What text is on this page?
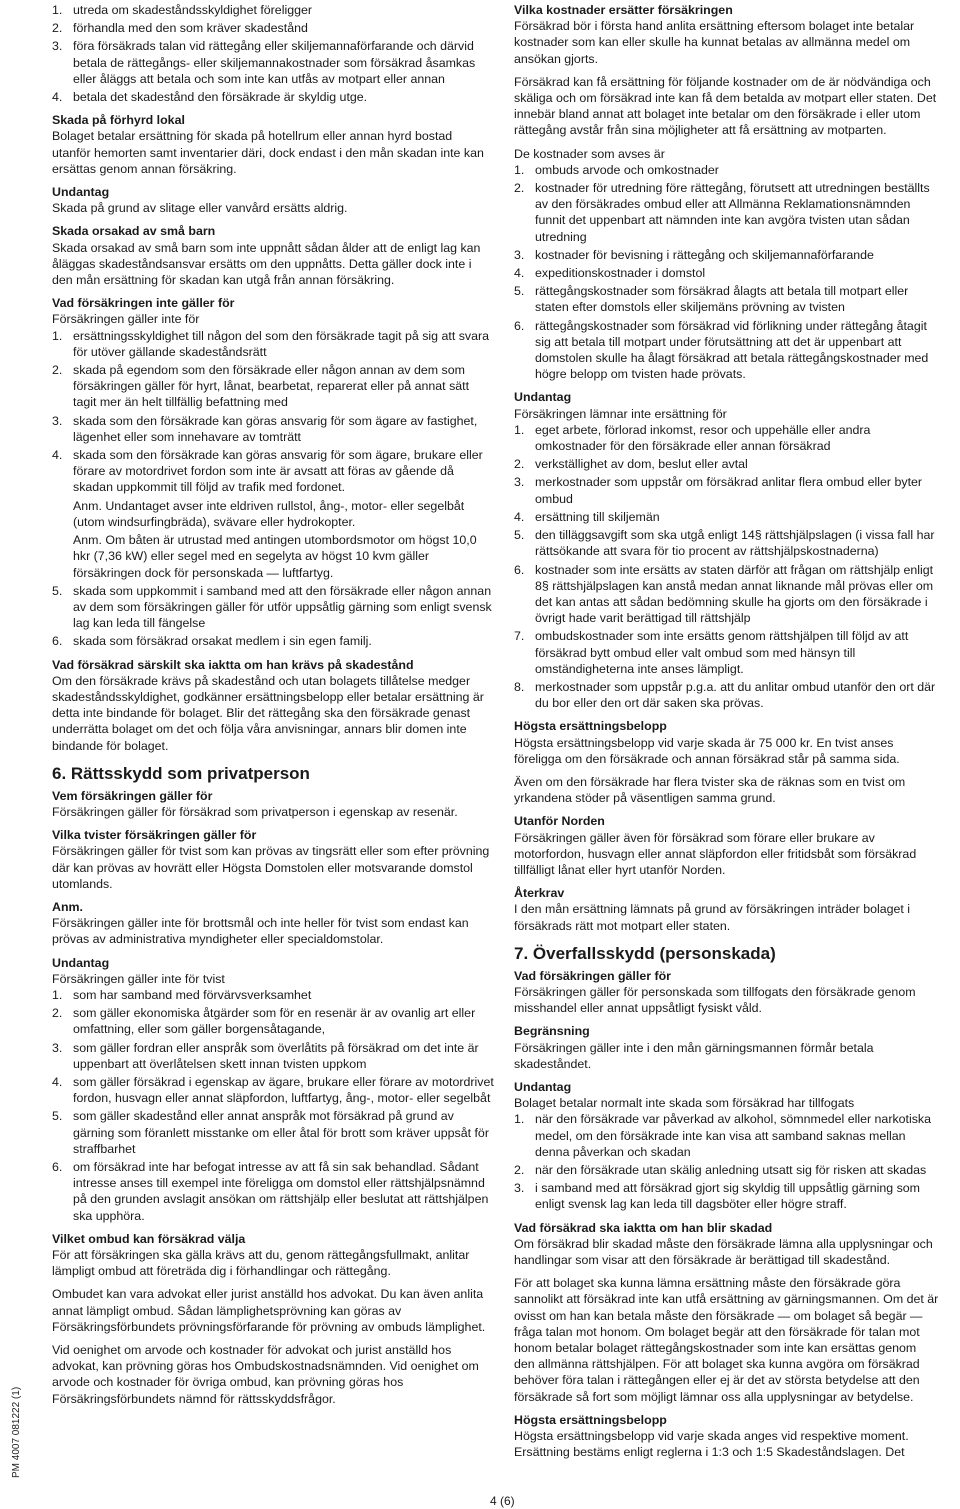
1. utreda om skadeståndsskyldighet föreligger
2. förhandla med den som kräver skadestånd
3. föra försäkrads talan vid rättegång eller skiljemannaförfarande och därvid betala de rättegångs- eller skiljemannakostnader som försäkrad åsamkas eller åläggs att betala och som inte kan utfås av motpart eller annan
4. betala det skadestånd den försäkrade är skyldig utge.
Skada på förhyrd lokal

Bolaget betalar ersättning för skada på hotellrum eller annan hyrd bostad utanför hemorten samt inventarier däri, dock endast i den mån skadan inte kan ersättas genom annan försäkring.

Undantag

Skada på grund av slitage eller vanvård ersätts aldrig.

Skada orsakad av små barn

Skada orsakad av små barn som inte uppnått sådan ålder att de enligt lag kan åläggas skadeståndsansvar ersätts om den uppnåtts. Detta gäller dock inte i den mån ersättning för skadan kan utgå från annan försäkring.

Vad försäkringen inte gäller för
Försäkringen gäller inte för
1. ersättningsskyldighet till någon del som den försäkrade tagit på sig att svara för utöver gällande skadeståndsrätt
2. skada på egendom som den försäkrade eller någon annan av dem som försäkringen gäller för hyrt, lånat, bearbetat, reparerat eller på annat sätt tagit mer än helt tillfällig befattning med
3. skada som den försäkrade kan göras ansvarig för som ägare av fastighet, lägenhet eller som innehavare av tomträtt
4. skada som den försäkrade kan göras ansvarig för som ägare, brukare eller förare av motordrivet fordon som inte är avsatt att föras av gående då skadan uppkommit till följd av trafik med fordonet.
Anm. Undantaget avser inte eldriven rullstol, ång-, motor- eller segelbåt (utom windsurfingbräda), svävare eller hydrokopter.
Anm. Om båten är utrustad med antingen utombordsmotor om högst 10,0 hkr (7,36 kW) eller segel med en segelyta av högst 10 kvm gäller försäkringen dock för personskada — luftfartyg.
5. skada som uppkommit i samband med att den försäkrade eller någon annan av dem som försäkringen gäller för utför uppsåtlig gärning som enligt svensk lag kan leda till fängelse
6. skada som försäkrad orsakat medlem i sin egen familj.
Vad försäkrad särskilt ska iaktta om han krävs på skadestånd

Om den försäkrade krävs på skadestånd och utan bolagets tillåtelse medger skadeståndsskyldighet, godkänner ersättningsbelopp eller betalar ersättning är detta inte bindande för bolaget. Blir det rättegång ska den försäkrade genast underrätta bolaget om det och följa våra anvisningar, annars blir domen inte bindande för bolaget.

6. Rättsskydd som privatperson
Vem försäkringen gäller för

Försäkringen gäller för försäkrad som privatperson i egenskap av resenär.

Vilka tvister försäkringen gäller för

Försäkringen gäller för tvist som kan prövas av tingsrätt eller som efter prövning där kan prövas av hovrätt eller Högsta Domstolen eller motsvarande domstol utomlands.

Anm.

Försäkringen gäller inte för brottsmål och inte heller för tvist som endast kan prövas av administrativa myndigheter eller specialdomstolar.

Undantag
Försäkringen gäller inte för tvist
1. som har samband med förvärvsverksamhet
2. som gäller ekonomiska åtgärder som för en resenär är av ovanlig art eller omfattning, eller som gäller borgensåtagande,
3. som gäller fordran eller anspråk som överlåtits på försäkrad om det inte är uppenbart att överlåtelsen skett innan tvisten uppkom
4. som gäller försäkrad i egenskap av ägare, brukare eller förare av motordrivet fordon, husvagn eller annat släpfordon, luftfartyg, ång-, motor- eller segelbåt
5. som gäller skadestånd eller annat anspråk mot försäkrad på grund av gärning som föranlett misstanke om eller åtal för brott som kräver uppsåt för straffbarhet
6. om försäkrad inte har befogat intresse av att få sin sak behandlad. Sådant intresse anses till exempel inte föreligga om domstol eller rättshjälpsnämnd på den grunden avslagit ansökan om rättshjälp eller beslutat att rättshjälpen ska upphöra.
Vilket ombud kan försäkrad välja

För att försäkringen ska gälla krävs att du, genom rättegångsfullmakt, anlitar lämpligt ombud att företräda dig i förhandlingar och rättegång.

Ombudet kan vara advokat eller jurist anställd hos advokat. Du kan även anlita annat lämpligt ombud. Sådan lämplighetsprövning kan göras av Försäkringsförbundets prövningsförfarande för prövning av ombuds lämplighet.

Vid oenighet om arvode och kostnader för advokat och jurist anställd hos advokat, kan prövning göras hos Ombudskostnadsnämnden. Vid oenighet om arvode och kostnader för övriga ombud, kan prövning göras hos Försäkringsförbundets nämnd för rättsskyddsfrågor.

Vilka kostnader ersätter försäkringen

Försäkrad bör i första hand anlita ersättning eftersom bolaget inte betalar kostnader som kan eller skulle ha kunnat betalas av allmänna medel om ansökan gjorts.

Försäkrad kan få ersättning för följande kostnader om de är nödvändiga och skäliga och om försäkrad inte kan få dem betalda av motpart eller staten. Det innebär bland annat att bolaget inte betalar om den försäkrade i eller utom rättegång avstår från sina möjligheter att få ersättning av motparten.

De kostnader som avses är
1. ombuds arvode och omkostnader
2. kostnader för utredning före rättegång, förutsett att utredningen beställts av den försäkrades ombud eller att Allmänna Reklamationsnämnden funnit det uppenbart att nämnden inte kan avgöra tvisten utan sådan utredning
3. kostnader för bevisning i rättegång och skiljemannaförfarande
4. expeditionskostnader i domstol
5. rättegångskostnader som försäkrad ålagts att betala till motpart eller staten efter domstols eller skiljemäns prövning av tvisten
6. rättegångskostnader som försäkrad vid förlikning under rättegång åtagit sig att betala till motpart under förutsättning att det är uppenbart att domstolen skulle ha ålagt försäkrad att betala rättegångskostnader med högre belopp om tvisten hade prövats.
Undantag
Försäkringen lämnar inte ersättning för
1. eget arbete, förlorad inkomst, resor och uppehälle eller andra omkostnader för den försäkrade eller annan försäkrad
2. verkställighet av dom, beslut eller avtal
3. merkostnader som uppstår om försäkrad anlitar flera ombud eller byter ombud
4. ersättning till skiljemän
5. den tilläggsavgift som ska utgå enligt 14§ rättshjälpslagen (i vissa fall har rättsökande att svara för tio procent av rättshjälpskostnaderna)
6. kostnader som inte ersätts av staten därför att frågan om rättshjälp enligt 8§ rättshjälpslagen kan anstå medan annat liknande mål prövas eller om det kan antas att sådan bedömning skulle ha gjorts om den försäkrade i övrigt hade varit berättigad till rättshjälp
7. ombudskostnader som inte ersätts genom rättshjälpen till följd av att försäkrad bytt ombud eller valt ombud som med hänsyn till omständigheterna inte anses lämpligt.
8. merkostnader som uppstår p.g.a. att du anlitar ombud utanför den ort där du bor eller den ort där saken ska prövas.
Högsta ersättningsbelopp

Högsta ersättningsbelopp vid varje skada är 75 000 kr. En tvist anses föreligga om den försäkrade och annan försäkrad står på samma sida.

Även om den försäkrade har flera tvister ska de räknas som en tvist om yrkandena stöder på väsentligen samma grund.

Utanför Norden

Försäkringen gäller även för försäkrad som förare eller brukare av motorfordon, husvagn eller annat släpfordon eller fritidsbåt som försäkrad tillfälligt lånat eller hyrt utanför Norden.

Återkrav

I den mån ersättning lämnats på grund av försäkringen inträder bolaget i försäkrads rätt mot motpart eller staten.

7. Överfallsskydd (personskada)
Vad försäkringen gäller för

Försäkringen gäller för personskada som tillfogats den försäkrade genom misshandel eller annat uppsåtligt fysiskt våld.

Begränsning

Försäkringen gäller inte i den mån gärningsmannen förmår betala skadeståndet.

Undantag
Bolaget betalar normalt inte skada som försäkrad har tillfogats
1. när den försäkrade var påverkad av alkohol, sömnmedel eller narkotiska medel, om den försäkrade inte kan visa att samband saknas mellan denna påverkan och skadan
2. när den försäkrade utan skälig anledning utsatt sig för risken att skadas
3. i samband med att försäkrad gjort sig skyldig till uppsåtlig gärning som enligt svensk lag kan leda till dagsböter eller högre straff.
Vad försäkrad ska iaktta om han blir skadad

Om försäkrad blir skadad måste den försäkrade lämna alla upplysningar och handlingar som visar att den försäkrade är berättigad till skadestånd.

För att bolaget ska kunna lämna ersättning måste den försäkrade göra sannolikt att försäkrad inte kan utfå ersättning av gärningsmannen. Om det är ovisst om han kan betala måste den försäkrade — om bolaget så begär — fråga talan mot honom. Om bolaget begär att den försäkrade för talan mot honom betalar bolaget rättegångskostnader som inte kan ersättas genom den allmänna rättshjälpen. För att bolaget ska kunna avgöra om försäkrad behöver föra talan i rättegången eller ej är det av största betydelse att den försäkrade så fort som möjligt lämnar oss alla upplysningar av betydelse.

Högsta ersättningsbelopp

Högsta ersättningsbelopp vid varje skada anges vid respektive moment. Ersättning bestäms enligt reglerna i 1:3 och 1:5 Skadeståndslagen. Det

PM 4007 081222 (1)
4 (6)
